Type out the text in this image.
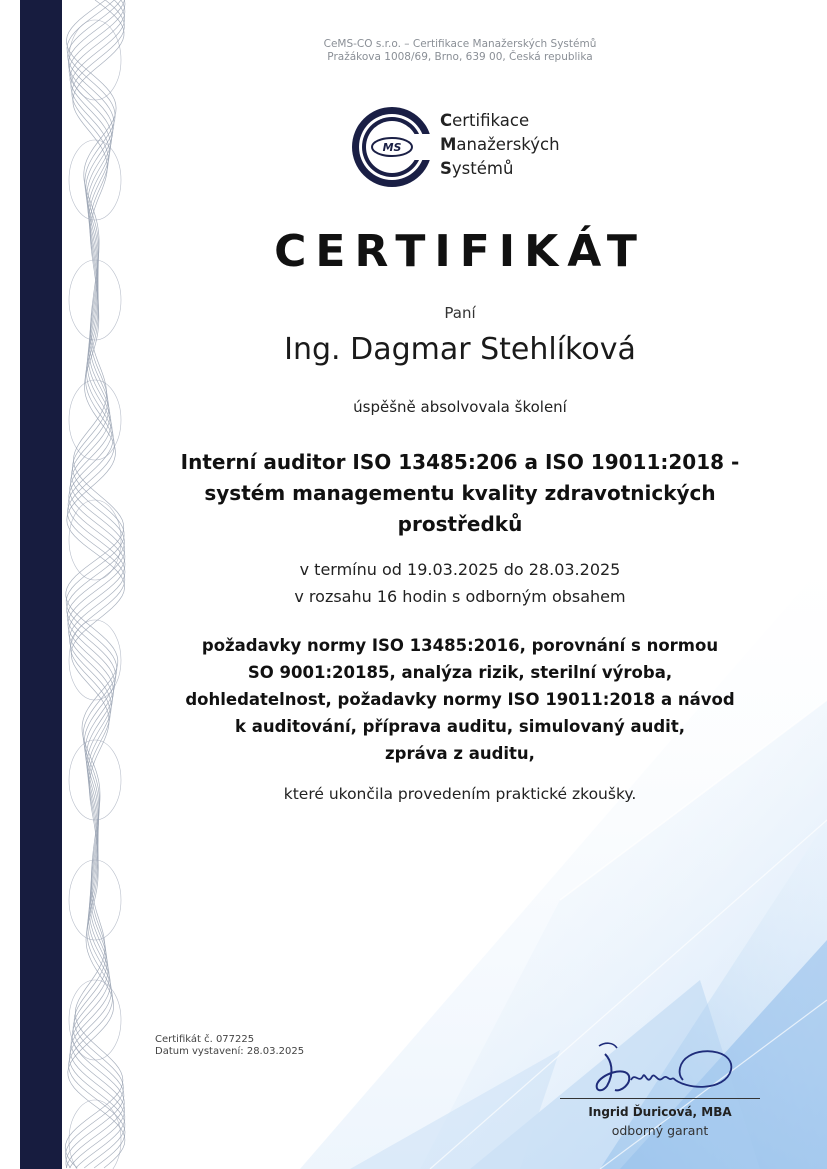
CeMS-CO s.r.o. – Certifikace Manažerských Systémů
Pražákova 1008/69, Brno, 639 00, Česká republika
MS
Certifikace
Manažerských
Systémů
CERTIFIKÁT
Paní
Ing. Dagmar Stehlíková
úspěšně absolvovala školení
Interní auditor ISO 13485:206 a ISO 19011:2018 -
systém managementu kvality zdravotnických
prostředků
v termínu od 19.03.2025 do 28.03.2025
v rozsahu 16 hodin s odborným obsahem
požadavky normy ISO 13485:2016, porovnání s normou
SO 9001:20185, analýza rizik, sterilní výroba,
dohledatelnost, požadavky normy ISO 19011:2018 a návod
k auditování, příprava auditu, simulovaný audit,
zpráva z auditu,
které ukončila provedením praktické zkoušky.
Certifikát č. 077225
Datum vystavení: 28.03.2025
Ingrid Ďuricová, MBA
odborný garant
